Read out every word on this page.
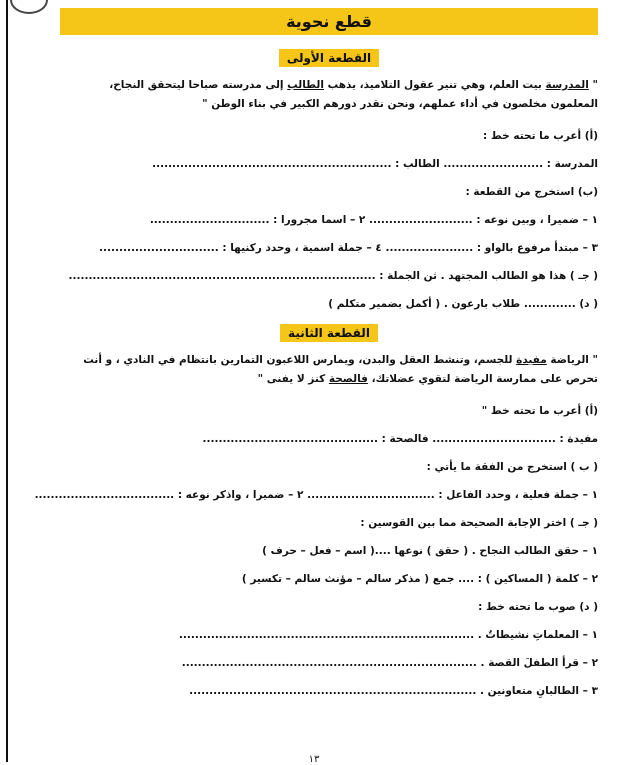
قطع نحوية
القطعة الأولى
" المدرسة بيت العلم، وهي تنير عقول التلاميذ، يذهب الطالب إلى مدرسته صباحا ليتحقق النجاح، المعلمون مخلصون في أداء عملهم، ونحن نقدر دورهم الكبير في بناء الوطن "
(أ) أعرب ما تحته خط :
المدرسة : ......................... الطالب : ............................................................
(ب) استخرج من القطعة :
١ – ضميرا ، وبين نوعه : .......................... ٢ – اسما مجرورا : ..............................
٣ – مبتدأ مرفوع بالواو : ...................... ٤ – جملة اسمية ، وحدد ركنيها : ..............................
( جـ ) هذا هو الطالب المجتهد . ثن الجملة : .............................................................................
( د) ............. طلاب بارعون . ( أكمل بضمير متكلم )
القطعة الثانية
" الرياضة مفيدة للجسم، وتنشط العقل والبدن، ويمارس اللاعبون التمارين بانتظام في النادي ، و أنت تحرص على ممارسة الرياضة لتقوي عضلاتك، فالصحة كنز لا يفنى "
(أ) أعرب ما تحته خط "
مفيدة : ............................... فالصحة : ............................................
( ب ) استخرج من الفقة ما يأتي :
١ – جملة فعلية ، وحدد الفاعل : ................................ ٢ – ضميرا ، واذكر نوعه : ...................................
( جـ ) اختر الإجابة الصحيحة مما بين القوسين :
١ – حقق الطالب النجاح . ( حقق ) نوعها ....( اسم – فعل – حرف )
٢ – كلمة ( المساكين ) : .... جمع ( مذكر سالم – مؤنث سالم – تكسير )
( د) صوب ما تحته خط :
١ – المعلماتِ نشيطاتٌ . ..........................................................................
٢ – قرأ الطفلَ القصة . ..........................................................................
٣ – الطالبانِ متعاونين . ........................................................................
١٣
